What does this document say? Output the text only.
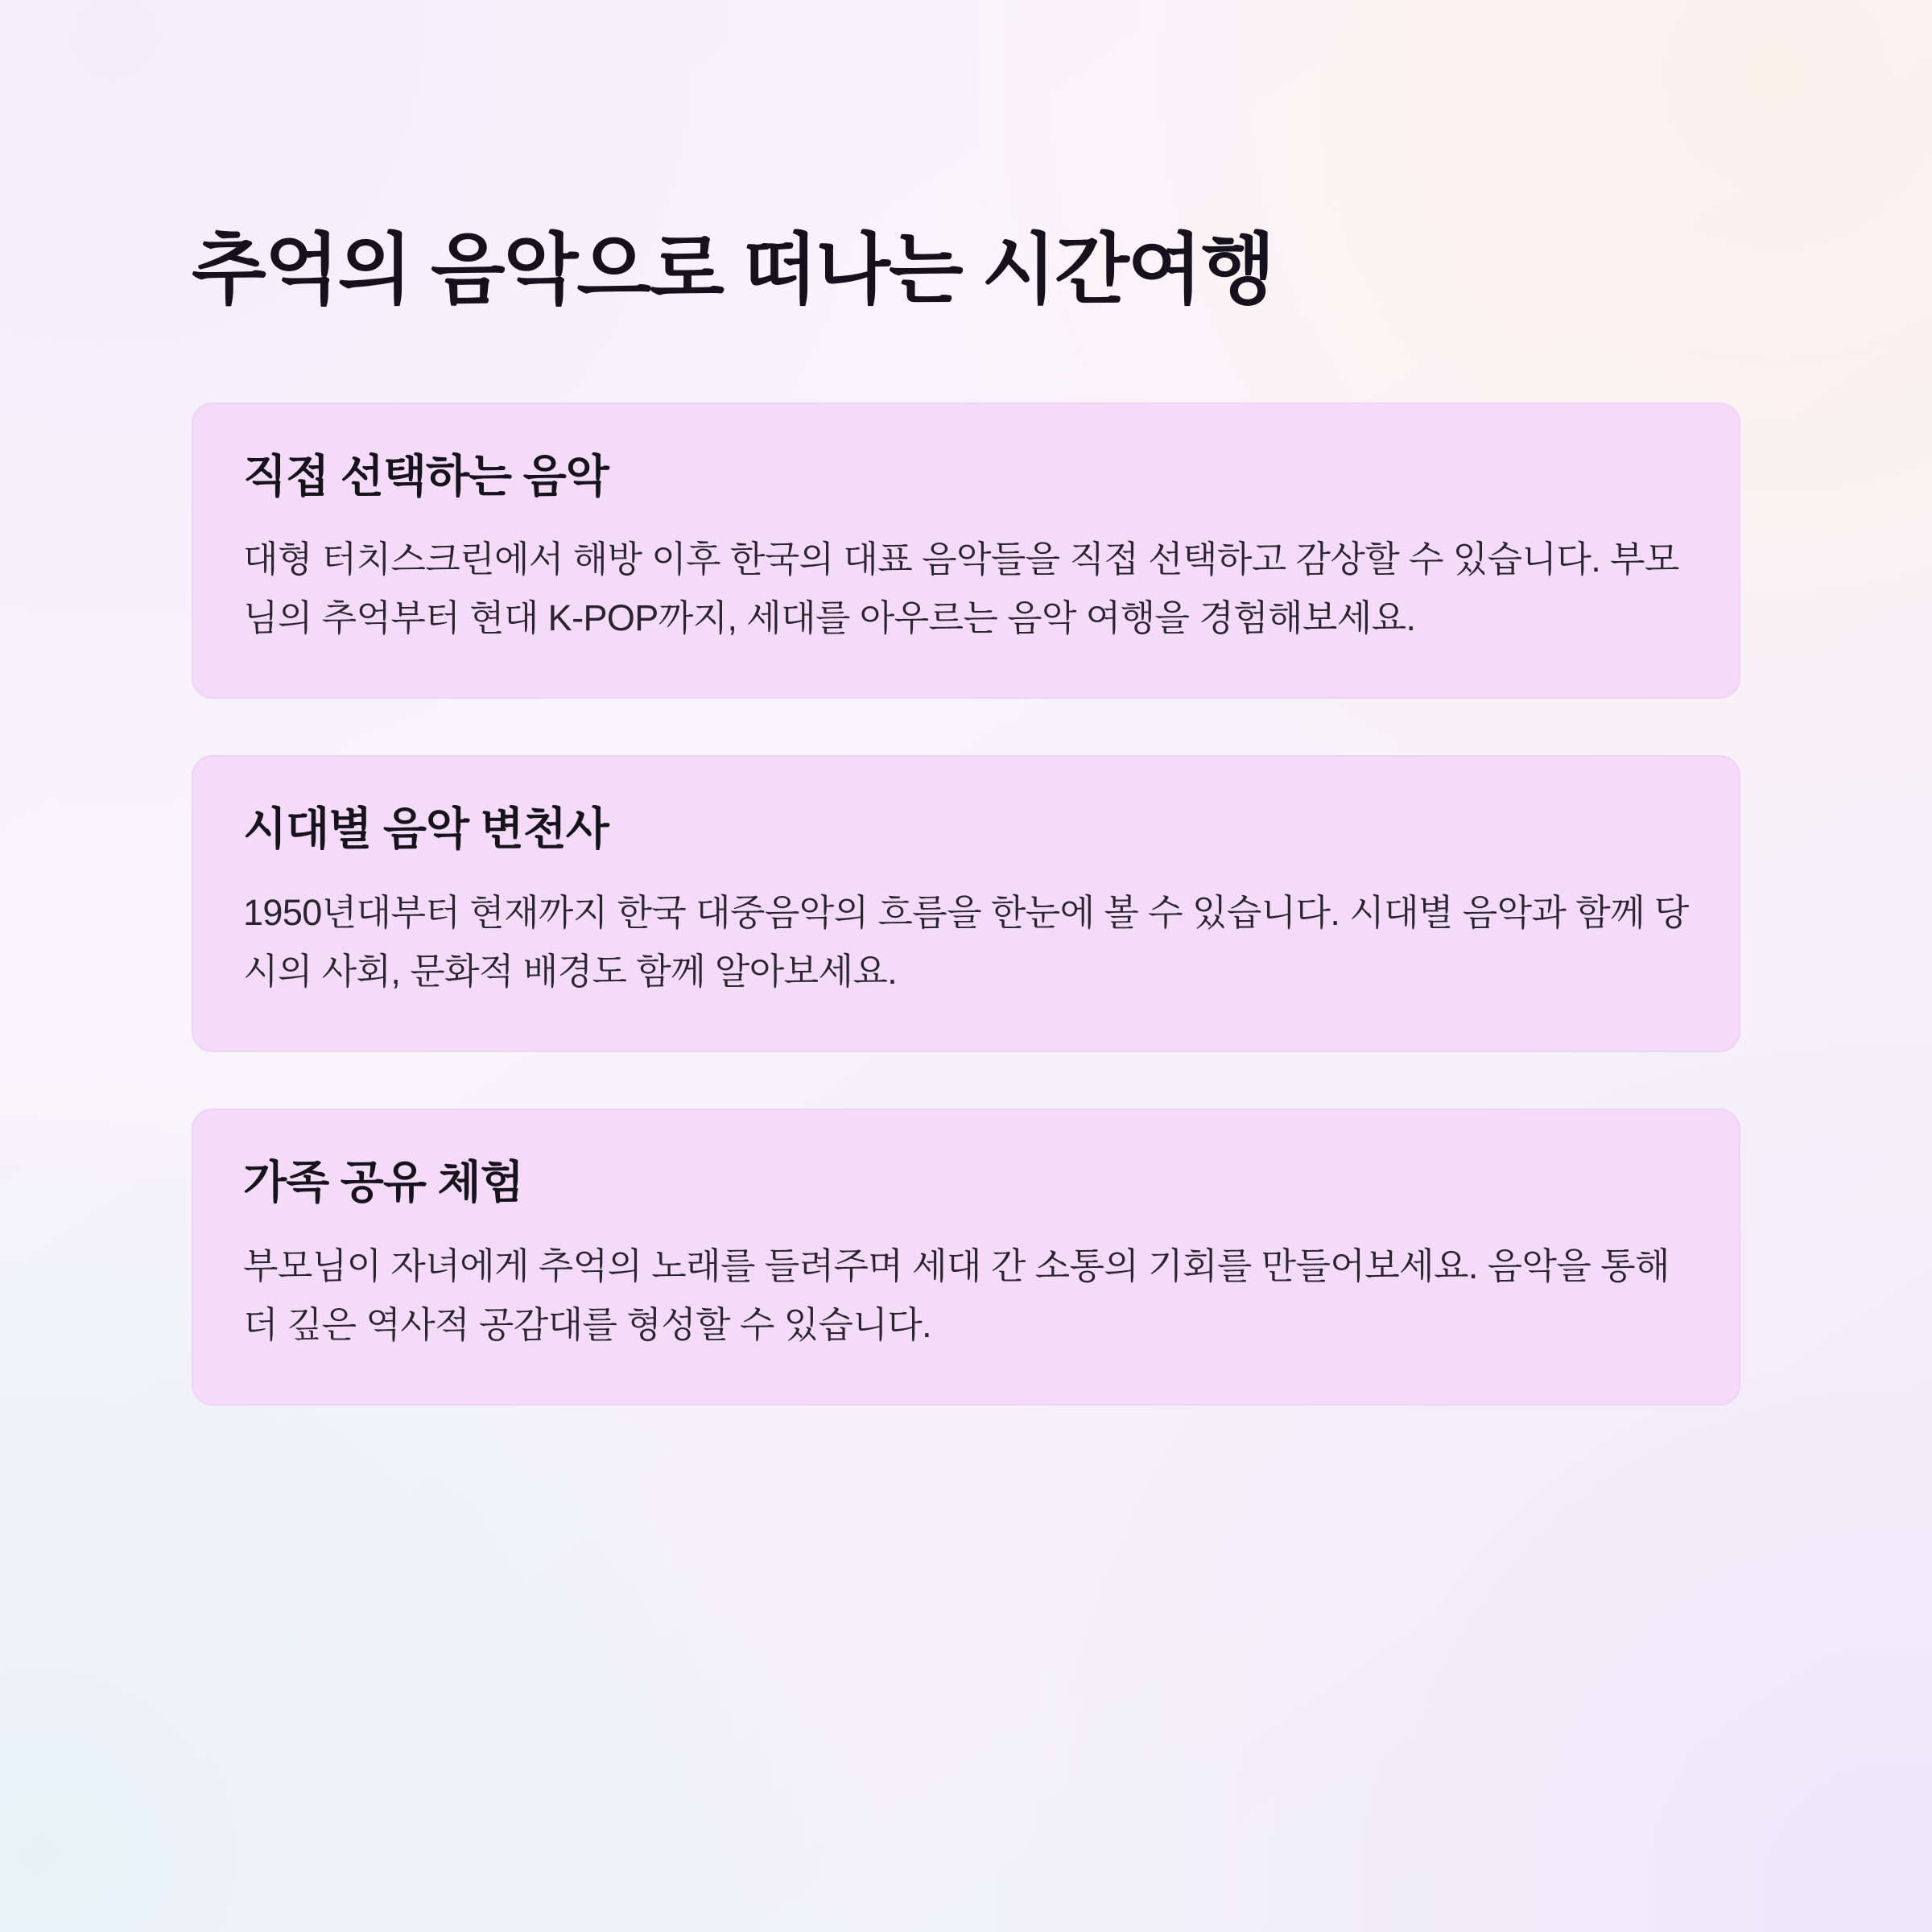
추억의 음악으로 떠나는 시간여행
직접 선택하는 음악

대형 터치스크린에서 해방 이후 한국의 대표 음악들을 직접 선택하고 감상할 수 있습니다. 부모님의 추억부터 현대 K-POP까지, 세대를 아우르는 음악 여행을 경험해보세요.

시대별 음악 변천사

1950년대부터 현재까지 한국 대중음악의 흐름을 한눈에 볼 수 있습니다. 시대별 음악과 함께 당시의 사회, 문화적 배경도 함께 알아보세요.

가족 공유 체험

부모님이 자녀에게 추억의 노래를 들려주며 세대 간 소통의 기회를 만들어보세요. 음악을 통해 더 깊은 역사적 공감대를 형성할 수 있습니다.
